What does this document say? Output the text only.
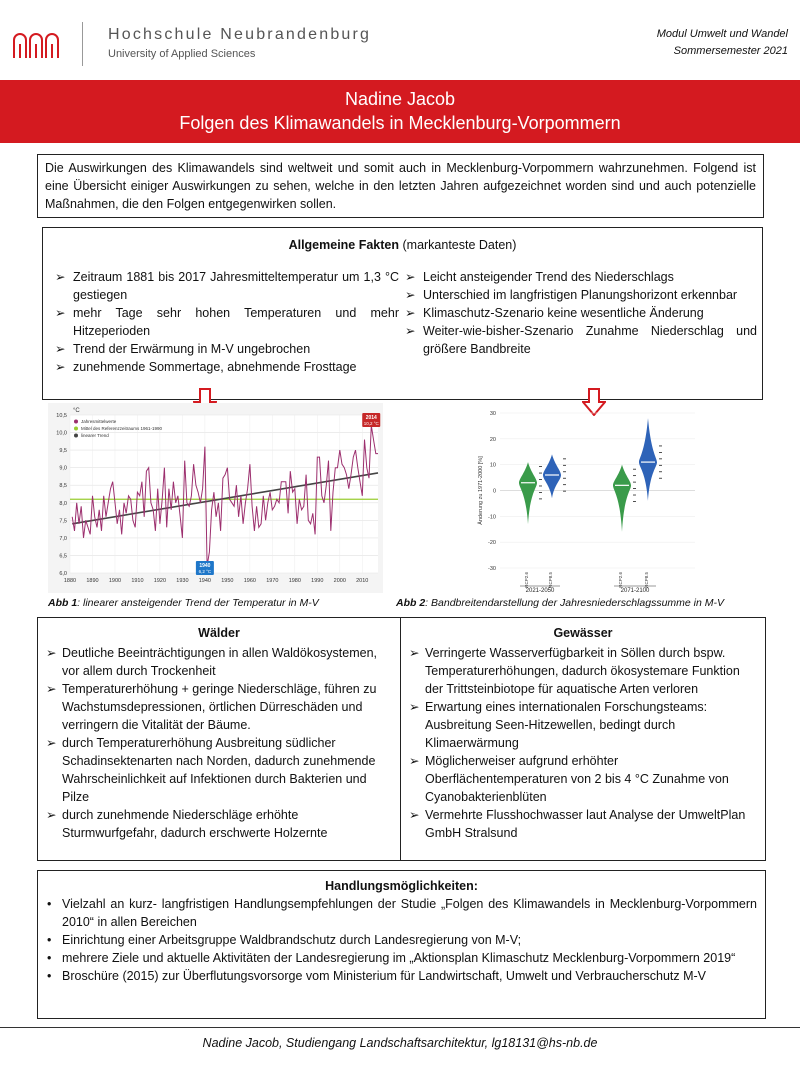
Hochschule Neubrandenburg
University of Applied Sciences
Modul Umwelt und Wandel
Sommersemester 2021
Nadine Jacob
Folgen des Klimawandels in Mecklenburg-Vorpommern
Die Auswirkungen des Klimawandels sind weltweit und somit auch in Mecklenburg-Vorpommern wahrzunehmen. Folgend ist eine Übersicht einiger Auswirkungen zu sehen, welche in den letzten Jahren aufgezeichnet worden sind und auch potenzielle Maßnahmen, die den Folgen entgegenwirken sollen.
Allgemeine Fakten (markanteste Daten)
➢ Zeitraum 1881 bis 2017 Jahresmitteltemperatur um 1,3 °C gestiegen
➢ mehr Tage sehr hohen Temperaturen und mehr Hitzeperioden
➢ Trend der Erwärmung in M-V ungebrochen
➢ zunehmende Sommertage, abnehmende Frosttage
➢ Leicht ansteigender Trend des Niederschlags
➢ Unterschied im langfristigen Planungshorizont erkennbar
➢ Klimaschutz-Szenario keine wesentliche Änderung
➢ Weiter-wie-bisher-Szenario Zunahme Niederschlag und größere Bandbreite
6,0
6,5
7,0
7,5
8,0
8,5
9,0
9,5
10,0
10,5
1880 1890 1900 1910 1920 1930 1940 1950 1960 1970 1980 1990 2000 2010
°C
Jahresmittelwerte
Mittel des Referenzzeitraums 1961-1990
linearer Trend
2014
10,2 °C
1940
6,2 °C
30
20
10
0
-10
-20
-30
Änderung zu 1971-2000 [%]
RCP2.6	RCP8.5
2021-2050
RCP2.6	RCP8.5
2071-2100
Abb 1: linearer ansteigender Trend der Temperatur in M-V	Abb 2: Bandbreitendarstellung der Jahresniederschlagssumme in M-V
Wälder
➢ Deutliche Beeinträchtigungen in allen Waldökosystemen, vor allem durch Trockenheit
➢ Temperaturerhöhung + geringe Niederschläge, führen zu Wachstumsdepressionen, örtlichen Dürreschäden und verringern die Vitalität der Bäume.
➢ durch Temperaturerhöhung Ausbreitung südlicher Schadinsektenarten nach Norden, dadurch zunehmende Wahrscheinlichkeit auf Infektionen durch Bakterien und Pilze
➢ durch zunehmende Niederschläge erhöhte Sturmwurfgefahr, dadurch erschwerte Holzernte
Gewässer
➢ Verringerte Wasserverfügbarkeit in Söllen durch bspw. Temperaturerhöhungen, dadurch ökosystemare Funktion der Trittsteinbiotope für aquatische Arten verloren
➢ Erwartung eines internationalen Forschungsteams: Ausbreitung Seen-Hitzewellen, bedingt durch Klimaerwärmung
➢ Möglicherweiser aufgrund erhöhter Oberflächentemperaturen von 2 bis 4 °C Zunahme von Cyanobakterienblüten
➢ Vermehrte Flusshochwasser laut Analyse der UmweltPlan GmbH Stralsund
Handlungsmöglichkeiten:
• Vielzahl an kurz- langfristigen Handlungsempfehlungen der Studie „Folgen des Klimawandels in Mecklenburg-Vorpommern 2010“ in allen Bereichen
• Einrichtung einer Arbeitsgruppe Waldbrandschutz durch Landesregierung von M-V;
• mehrere Ziele und aktuelle Aktivitäten der Landesregierung im „Aktionsplan Klimaschutz Mecklenburg-Vorpommern 2019“
• Broschüre (2015) zur Überflutungsvorsorge vom Ministerium für Landwirtschaft, Umwelt und Verbraucherschutz M-V
Nadine Jacob, Studiengang Landschaftsarchitektur, lg18131@hs-nb.de
